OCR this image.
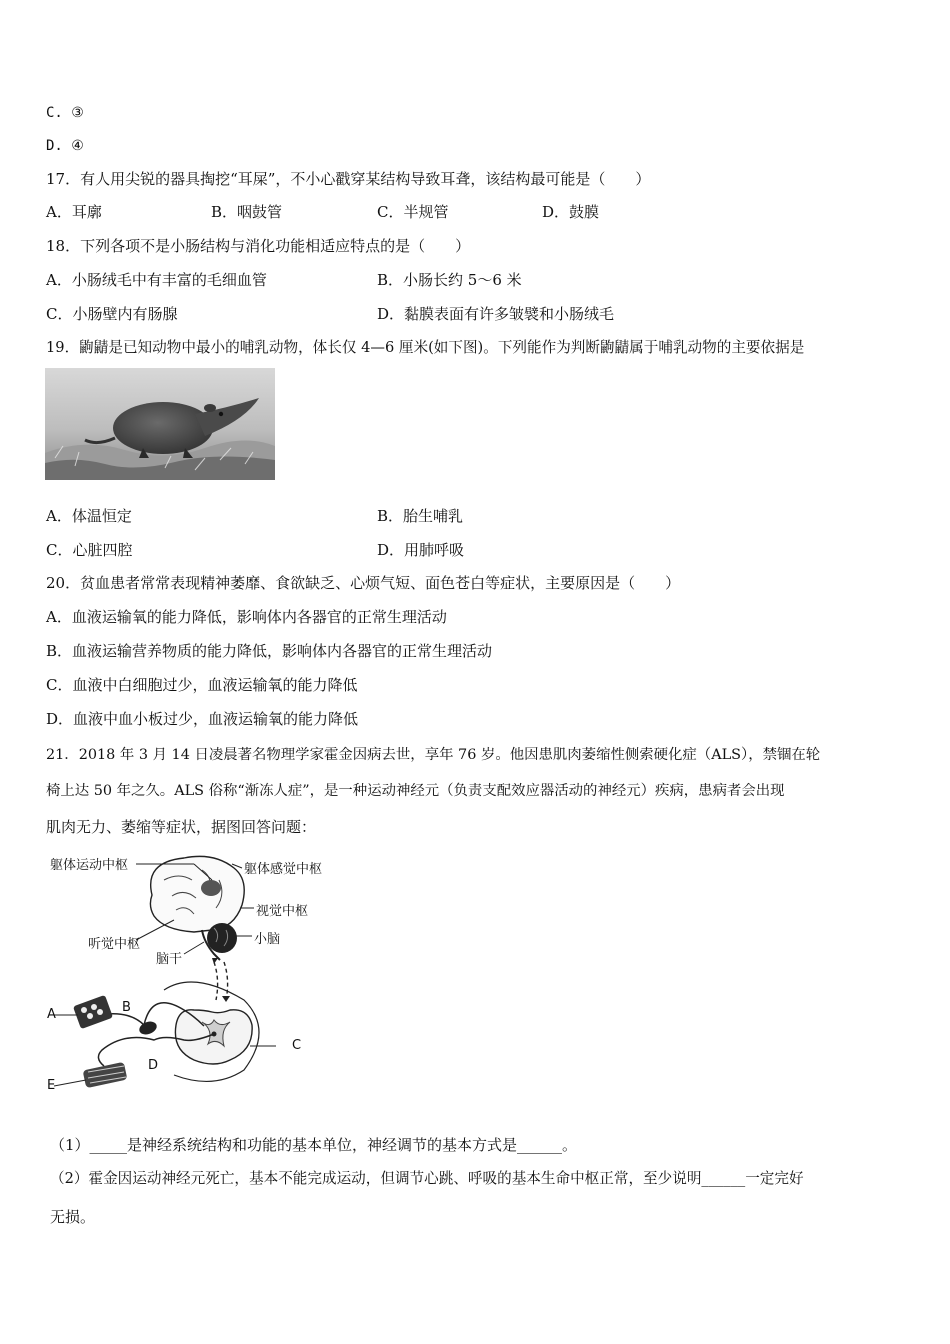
C. ③
D. ④
17．有人用尖锐的器具掏挖“耳屎”，不小心戳穿某结构导致耳聋，该结构最可能是（　　）
A．耳廓	B．咽鼓管	C．半规管	D．鼓膜
18．下列各项不是小肠结构与消化功能相适应特点的是（　　）
A．小肠绒毛中有丰富的毛细血管	B．小肠长约 5～6 米
C．小肠壁内有肠腺	D．黏膜表面有许多皱襞和小肠绒毛
19．鼩鼱是已知动物中最小的哺乳动物，体长仅 4—6 厘米(如下图)。下列能作为判断鼩鼱属于哺乳动物的主要依据是
A．体温恒定	B．胎生哺乳
C．心脏四腔	D．用肺呼吸
20．贫血患者常常表现精神萎靡、食欲缺乏、心烦气短、面色苍白等症状，主要原因是（　　）
A．血液运输氧的能力降低，影响体内各器官的正常生理活动
B．血液运输营养物质的能力降低，影响体内各器官的正常生理活动
C．血液中白细胞过少，血液运输氧的能力降低
D．血液中血小板过少，血液运输氧的能力降低
21．2018 年 3 月 14 日凌晨著名物理学家霍金因病去世，享年 76 岁。他因患肌肉萎缩性侧索硬化症（ALS），禁锢在轮
椅上达 50 年之久。ALS 俗称“渐冻人症”，是一种运动神经元（负责支配效应器活动的神经元）疾病，患病者会出现
肌肉无力、萎缩等症状，据图回答问题：
躯体运动中枢	躯体感觉中枢
视觉中枢
小脑
听觉中枢
脑干
A	B
C
D
E
（1）_____是神经系统结构和功能的基本单位，神经调节的基本方式是______。
（2）霍金因运动神经元死亡，基本不能完成运动，但调节心跳、呼吸的基本生命中枢正常，至少说明______一定完好
无损。
